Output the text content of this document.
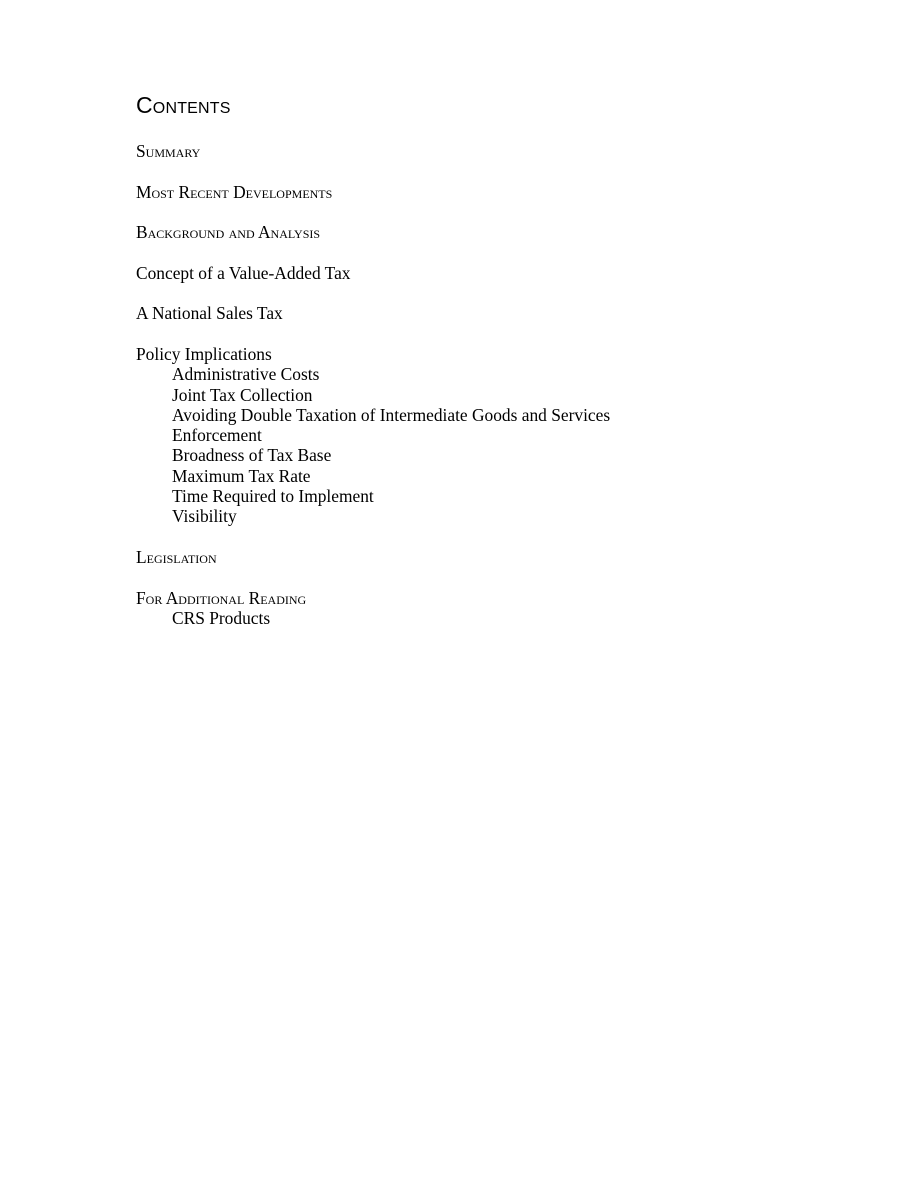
Contents
Summary
Most Recent Developments
Background and Analysis
Concept of a Value-Added Tax
A National Sales Tax
Policy Implications
Administrative Costs
Joint Tax Collection
Avoiding Double Taxation of Intermediate Goods and Services
Enforcement
Broadness of Tax Base
Maximum Tax Rate
Time Required to Implement
Visibility
Legislation
For Additional Reading
CRS Products
